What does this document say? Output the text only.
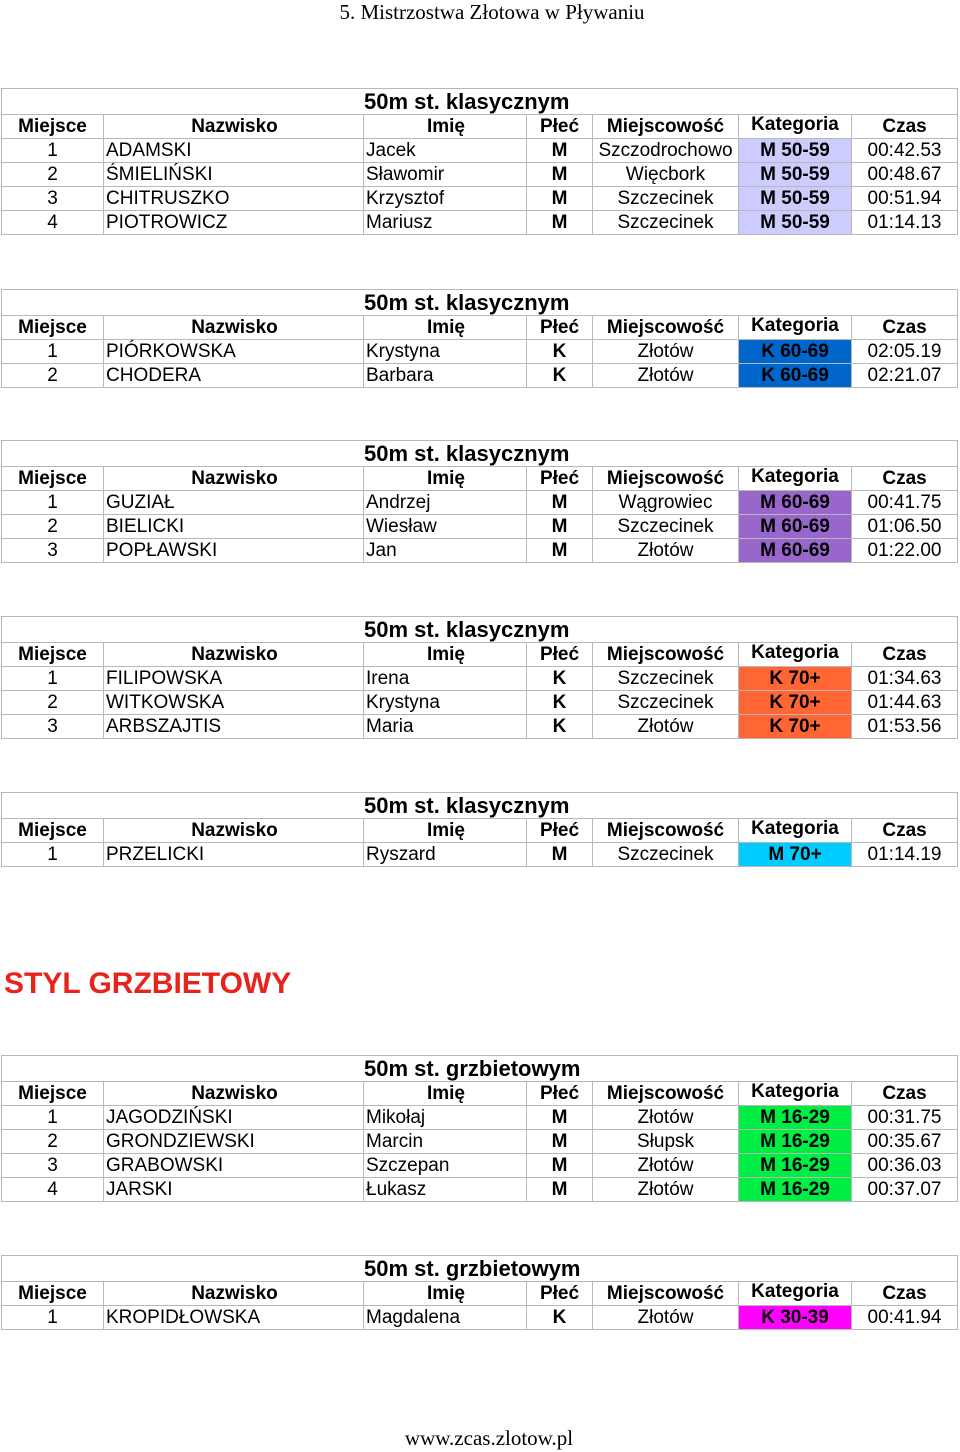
5. Mistrzostwa Złotowa w Pływaniu
50m st. klasycznym						
Miejsce	Nazwisko	Imię	Płeć	Miejscowość	Kategoria	Czas
1	ADAMSKI	Jacek	M	Szczodrochowo	M 50-59	00:42.53
2	ŚMIELIŃSKI	Sławomir	M	Więcbork	M 50-59	00:48.67
3	CHITRUSZKO	Krzysztof	M	Szczecinek	M 50-59	00:51.94
4	PIOTROWICZ	Mariusz	M	Szczecinek	M 50-59	01:14.13
50m st. klasycznym						
Miejsce	Nazwisko	Imię	Płeć	Miejscowość	Kategoria	Czas
1	PIÓRKOWSKA	Krystyna	K	Złotów	K 60-69	02:05.19
2	CHODERA	Barbara	K	Złotów	K 60-69	02:21.07
50m st. klasycznym						
Miejsce	Nazwisko	Imię	Płeć	Miejscowość	Kategoria	Czas
1	GUZIAŁ	Andrzej	M	Wągrowiec	M 60-69	00:41.75
2	BIELICKI	Wiesław	M	Szczecinek	M 60-69	01:06.50
3	POPŁAWSKI	Jan	M	Złotów	M 60-69	01:22.00
50m st. klasycznym						
Miejsce	Nazwisko	Imię	Płeć	Miejscowość	Kategoria	Czas
1	FILIPOWSKA	Irena	K	Szczecinek	K 70+	01:34.63
2	WITKOWSKA	Krystyna	K	Szczecinek	K 70+	01:44.63
3	ARBSZAJTIS	Maria	K	Złotów	K 70+	01:53.56
50m st. klasycznym						
Miejsce	Nazwisko	Imię	Płeć	Miejscowość	Kategoria	Czas
1	PRZELICKI	Ryszard	M	Szczecinek	M 70+	01:14.19
50m st. grzbietowym						
Miejsce	Nazwisko	Imię	Płeć	Miejscowość	Kategoria	Czas
1	JAGODZIŃSKI	Mikołaj	M	Złotów	M 16-29	00:31.75
2	GRONDZIEWSKI	Marcin	M	Słupsk	M 16-29	00:35.67
3	GRABOWSKI	Szczepan	M	Złotów	M 16-29	00:36.03
4	JARSKI	Łukasz	M	Złotów	M 16-29	00:37.07
50m st. grzbietowym						
Miejsce	Nazwisko	Imię	Płeć	Miejscowość	Kategoria	Czas
1	KROPIDŁOWSKA	Magdalena	K	Złotów	K 30-39	00:41.94
STYL GRZBIETOWY
www.zcas.zlotow.pl
